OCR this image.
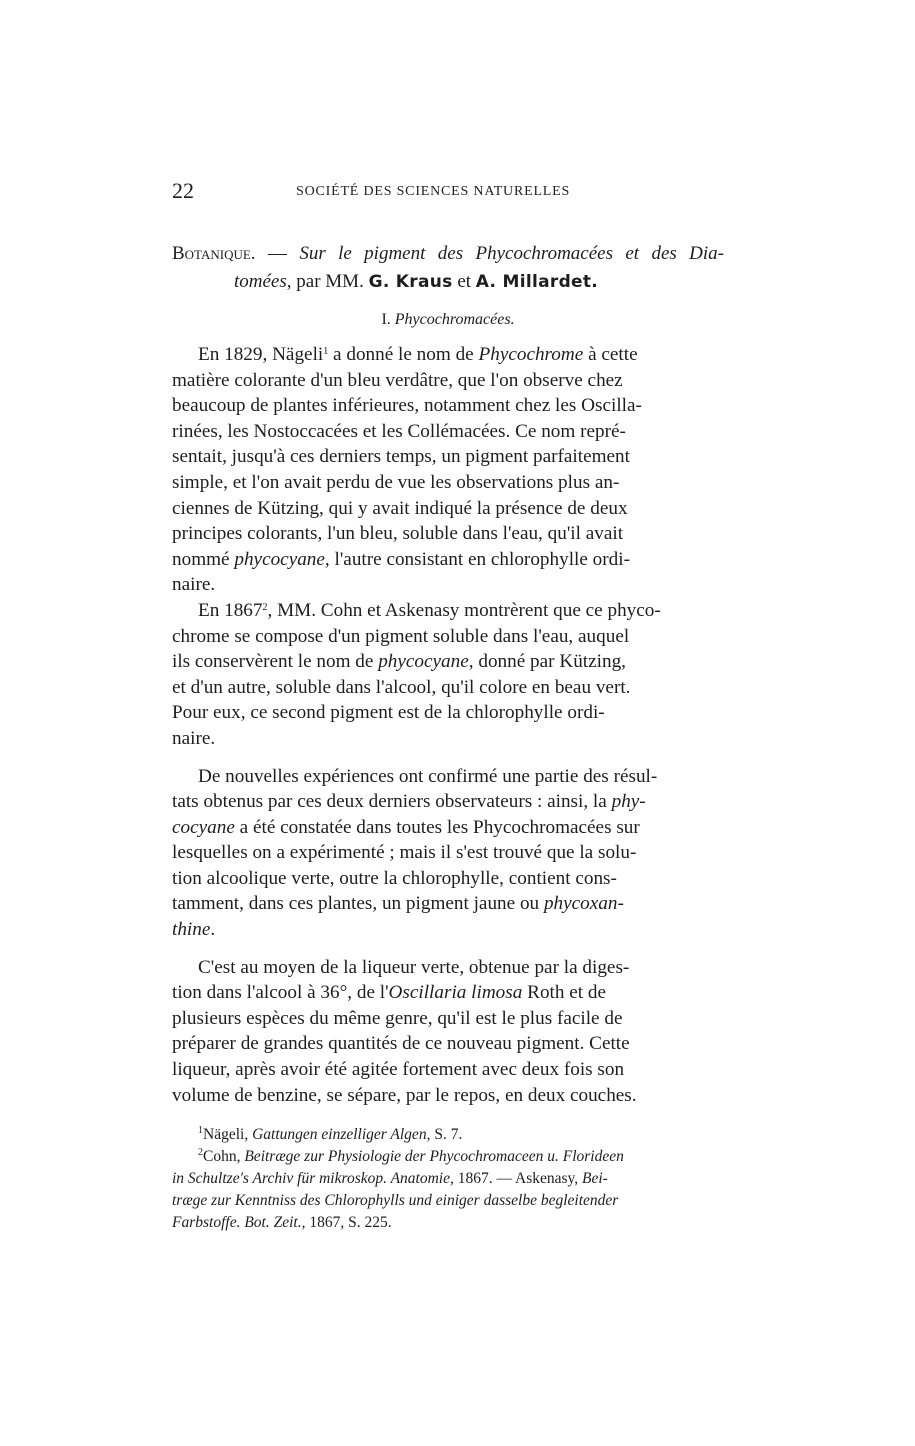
22	SOCIÉTÉ DES SCIENCES NATURELLES
Botanique. — Sur le pigment des Phycochromacées et des Dia-
tomées, par MM. G. Kraus et A. Millardet.
I. Phycochromacées.

En 1829, Nägeli$^1$ a donné le nom de Phycochrome à cette
matière colorante d'un bleu verdâtre, que l'on observe chez
beaucoup de plantes inférieures, notamment chez les Oscilla-
rinées, les Nostoccacées et les Collémacées. Ce nom repré-
sentait, jusqu'à ces derniers temps, un pigment parfaitement
simple, et l'on avait perdu de vue les observations plus an-
ciennes de Kützing, qui y avait indiqué la présence de deux
principes colorants, l'un bleu, soluble dans l'eau, qu'il avait
nommé phycocyane, l'autre consistant en chlorophylle ordi-
naire.

En 1867$^2$, MM. Cohn et Askenasy montrèrent que ce phyco-
chrome se compose d'un pigment soluble dans l'eau, auquel
ils conservèrent le nom de phycocyane, donné par Kützing,
et d'un autre, soluble dans l'alcool, qu'il colore en beau vert.
Pour eux, ce second pigment est de la chlorophylle ordi-
naire.

De nouvelles expériences ont confirmé une partie des résul-
tats obtenus par ces deux derniers observateurs : ainsi, la phy-
cocyane a été constatée dans toutes les Phycochromacées sur
lesquelles on a expérimenté ; mais il s'est trouvé que la solu-
tion alcoolique verte, outre la chlorophylle, contient cons-
tamment, dans ces plantes, un pigment jaune ou phycoxan-
thine.

C'est au moyen de la liqueur verte, obtenue par la diges-
tion dans l'alcool à 36°, de l'Oscillaria limosa Roth et de
plusieurs espèces du même genre, qu'il est le plus facile de
préparer de grandes quantités de ce nouveau pigment. Cette
liqueur, après avoir été agitée fortement avec deux fois son
volume de benzine, se sépare, par le repos, en deux couches.

$^1$Nägeli, Gattungen einzelliger Algen, S. 7.

$^2$Cohn, Beitræge zur Physiologie der Phycochromaceen u. Florideen
in Schultze's Archiv für mikroskop. Anatomie, 1867. — Askenasy, Bei-
træge zur Kenntniss des Chlorophylls und einiger dasselbe begleitender
Farbstoffe. Bot. Zeit., 1867, S. 225.
